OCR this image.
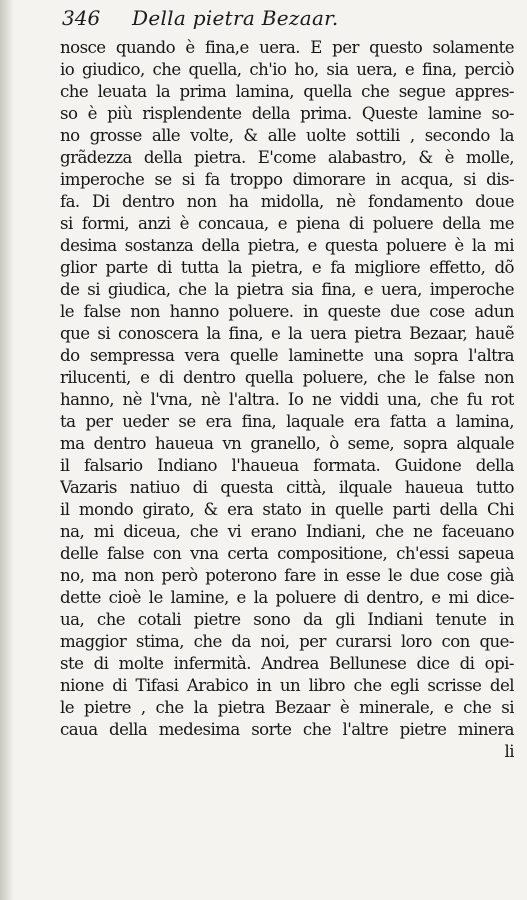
346 Della pietra Bezaar.
nosce quando è fina,e uera. E per questo solamente
io giudico, che quella, ch'io ho, sia uera, e fina, perciò
che leuata la prima lamina, quella che segue appres-
so è più risplendente della prima. Queste lamine so-
no grosse alle volte, & alle uolte sottili , secondo la
grãdezza della pietra. E'come alabastro, & è molle,
imperoche se si fa troppo dimorare in acqua, si dis-
fa. Di dentro non ha midolla, nè fondamento doue
si formi, anzi è concaua, e piena di poluere della me
desima sostanza della pietra, e questa poluere è la mi
glior parte di tutta la pietra, e fa migliore effetto, dõ
de si giudica, che la pietra sia fina, e uera, imperoche
le false non hanno poluere. in queste due cose adun
que si conoscera la fina, e la uera pietra Bezaar, hauẽ
do sempressa vera quelle laminette una sopra l'altra
rilucenti, e di dentro quella poluere, che le false non
hanno, nè l'vna, nè l'altra. Io ne viddi una, che fu rot
ta per ueder se era fina, laquale era fatta a lamina,
ma dentro haueua vn granello, ò seme, sopra alquale
il falsario Indiano l'haueua formata. Guidone della
Vazaris natiuo di questa città, ilquale haueua tutto
il mondo girato, & era stato in quelle parti della Chi
na, mi diceua, che vi erano Indiani, che ne faceuano
delle false con vna certa compositione, ch'essi sapeua
no, ma non però poterono fare in esse le due cose già
dette cioè le lamine, e la poluere di dentro, e mi dice-
ua, che cotali pietre sono da gli Indiani tenute in
maggior stima, che da noi, per curarsi loro con que-
ste di molte infermità. Andrea Bellunese dice di opi-
nione di Tifasi Arabico in un libro che egli scrisse del
le pietre , che la pietra Bezaar è minerale, e che si
caua della medesima sorte che l'altre pietre minera
li
